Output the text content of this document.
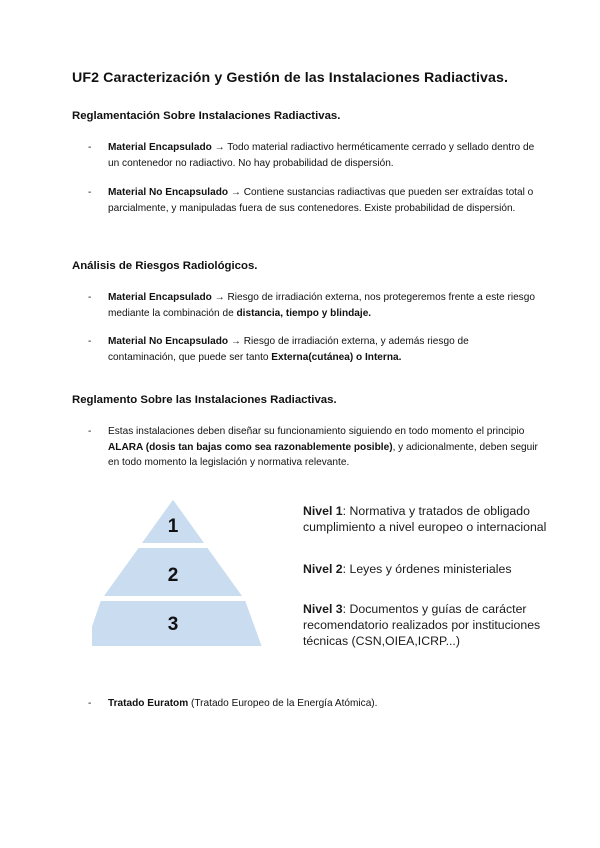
UF2 Caracterización y Gestión de las Instalaciones Radiactivas.
Reglamentación Sobre Instalaciones Radiactivas.
- Material Encapsulado → Todo material radiactivo herméticamente cerrado y sellado dentro de un contenedor no radiactivo. No hay probabilidad de dispersión.
- Material No Encapsulado → Contiene sustancias radiactivas que pueden ser extraídas total o parcialmente, y manipuladas fuera de sus contenedores. Existe probabilidad de dispersión.
Análisis de Riesgos Radiológicos.
- Material Encapsulado → Riesgo de irradiación externa, nos protegeremos frente a este riesgo mediante la combinación de distancia, tiempo y blindaje.
- Material No Encapsulado → Riesgo de irradiación externa, y además riesgo de contaminación, que puede ser tanto Externa(cutánea) o Interna.
Reglamento Sobre las Instalaciones Radiactivas.
- Estas instalaciones deben diseñar su funcionamiento siguiendo en todo momento el principio ALARA (dosis tan bajas como sea razonablemente posible), y adicionalmente, deben seguir en todo momento la legislación y normativa relevante.
1
2
3
Nivel 1: Normativa y tratados de obligado cumplimiento a nivel europeo o internacional
Nivel 2: Leyes y órdenes ministeriales
Nivel 3: Documentos y guías de carácter recomendatorio realizados por instituciones técnicas (CSN,OIEA,ICRP...)
- Tratado Euratom (Tratado Europeo de la Energía Atómica).
